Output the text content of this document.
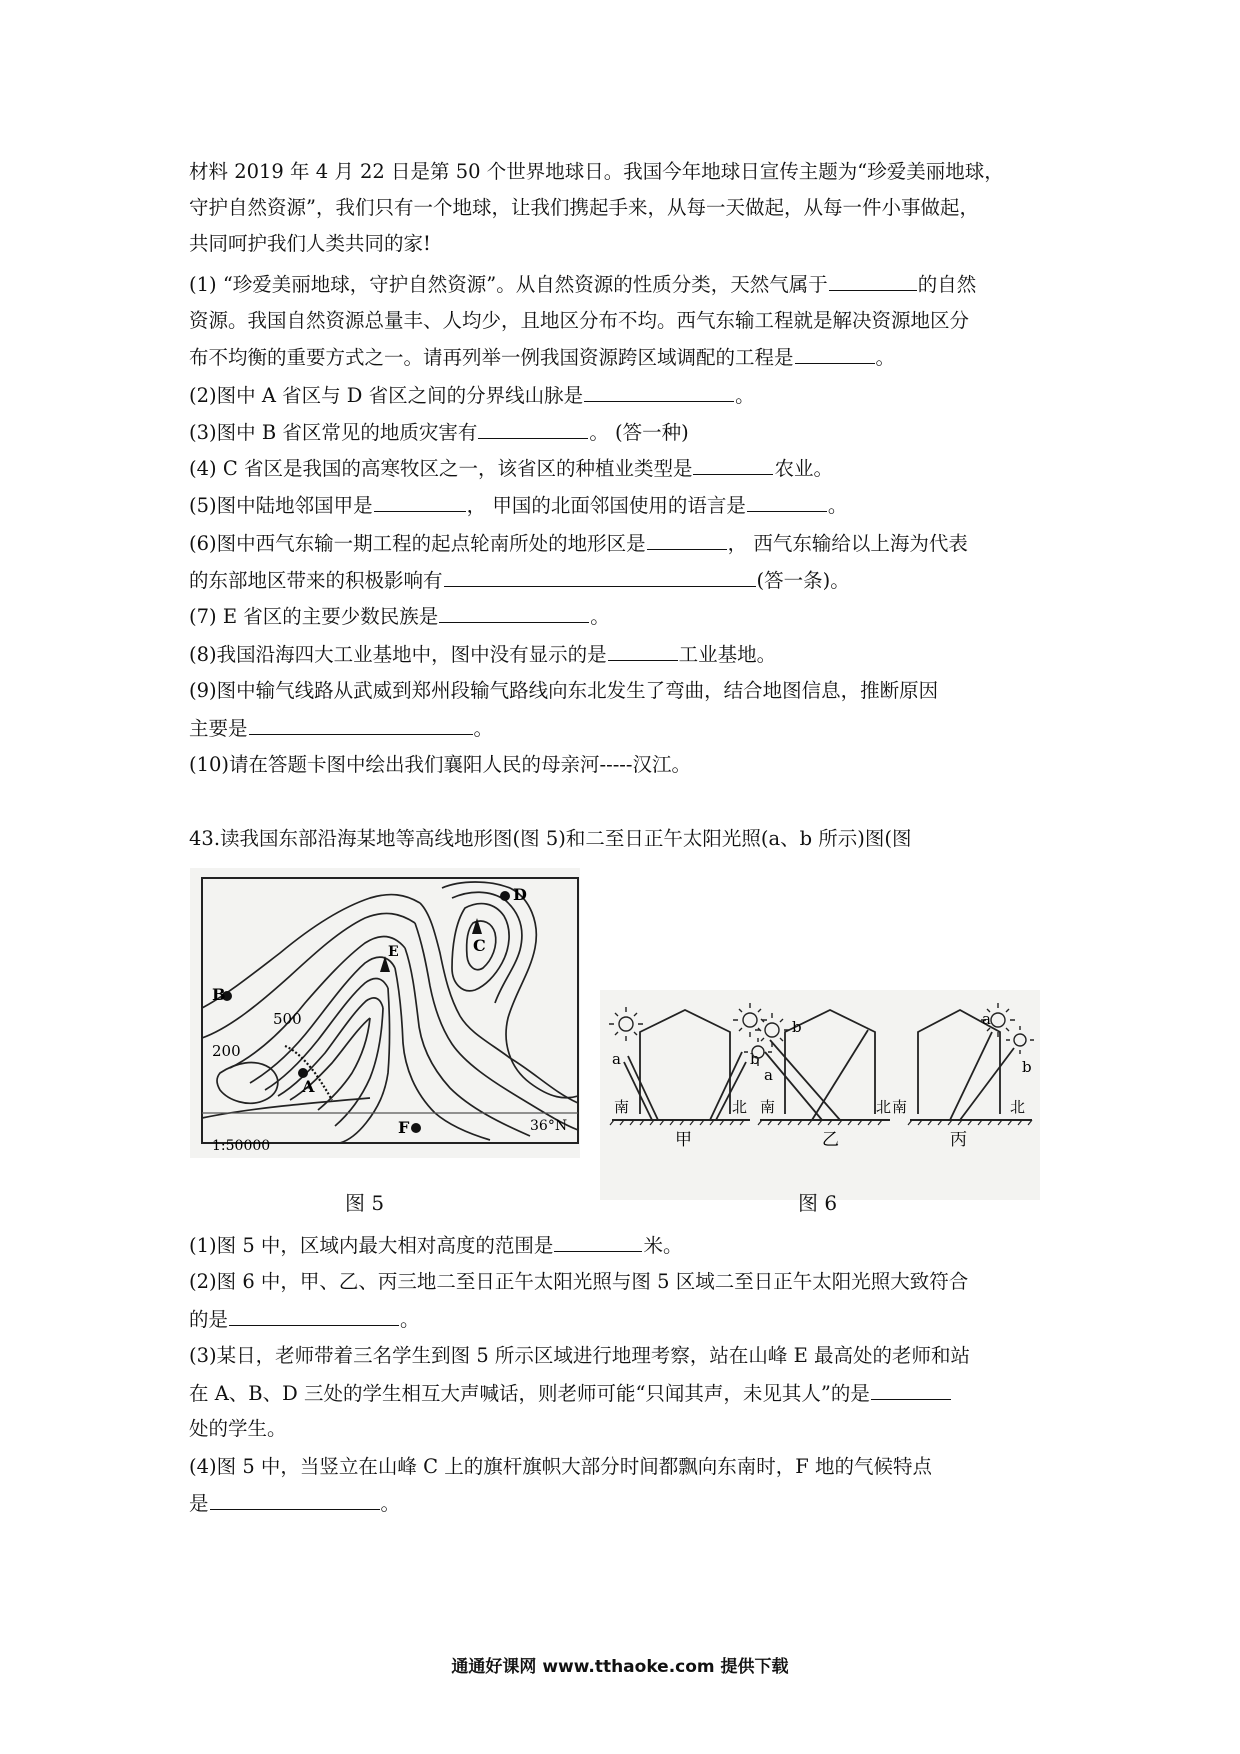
材料 2019 年 4 月 22 日是第 50 个世界地球日。我国今年地球日宣传主题为“珍爱美丽地球，
守护自然资源”，我们只有一个地球，让我们携起手来，从每一天做起，从每一件小事做起，
共同呵护我们人类共同的家!
(1) “珍爱美丽地球，守护自然资源”。从自然资源的性质分类，天然气属于	的自然
资源。我国自然资源总量丰、人均少，且地区分布不均。西气东输工程就是解决资源地区分
布不均衡的重要方式之一。请再列举一例我国资源跨区域调配的工程是	。
(2)图中 A 省区与 D 省区之间的分界线山脉是	。
(3)图中 B 省区常见的地质灾害有	。 (答一种)
(4) C 省区是我国的高寒牧区之一，该省区的种植业类型是	农业。
(5)图中陆地邻国甲是	， 甲国的北面邻国使用的语言是	。
(6)图中西气东输一期工程的起点轮南所处的地形区是	， 西气东输给以上海为代表
的东部地区带来的积极影响有	(答一条)。
(7) E 省区的主要少数民族是	。
(8)我国沿海四大工业基地中，图中没有显示的是	工业基地。
(9)图中输气线路从武威到郑州段输气路线向东北发生了弯曲，结合地图信息，推断原因
主要是	。
(10)请在答题卡图中绘出我们襄阳人民的母亲河-----汉江。
43.读我国东部沿海某地等高线地形图(图 5)和二至日正午太阳光照(a、b 所示)图(图
B
A
C
D
E
F
500
200
36°N
1:50000
图 5
a	b
南	北
甲
b
a
南	北
乙
a
b
南	北
丙
图 6
(1)图 5 中，区域内最大相对高度的范围是	米。
(2)图 6 中，甲、乙、丙三地二至日正午太阳光照与图 5 区域二至日正午太阳光照大致符合
的是	。
(3)某日，老师带着三名学生到图 5 所示区域进行地理考察，站在山峰 E 最高处的老师和站
在 A、B、D 三处的学生相互大声喊话，则老师可能“只闻其声，未见其人”的是
处的学生。
(4)图 5 中，当竖立在山峰 C 上的旗杆旗帜大部分时间都飘向东南时，F 地的气候特点
是	。
通通好课网 www.tthaoke.com 提供下载
